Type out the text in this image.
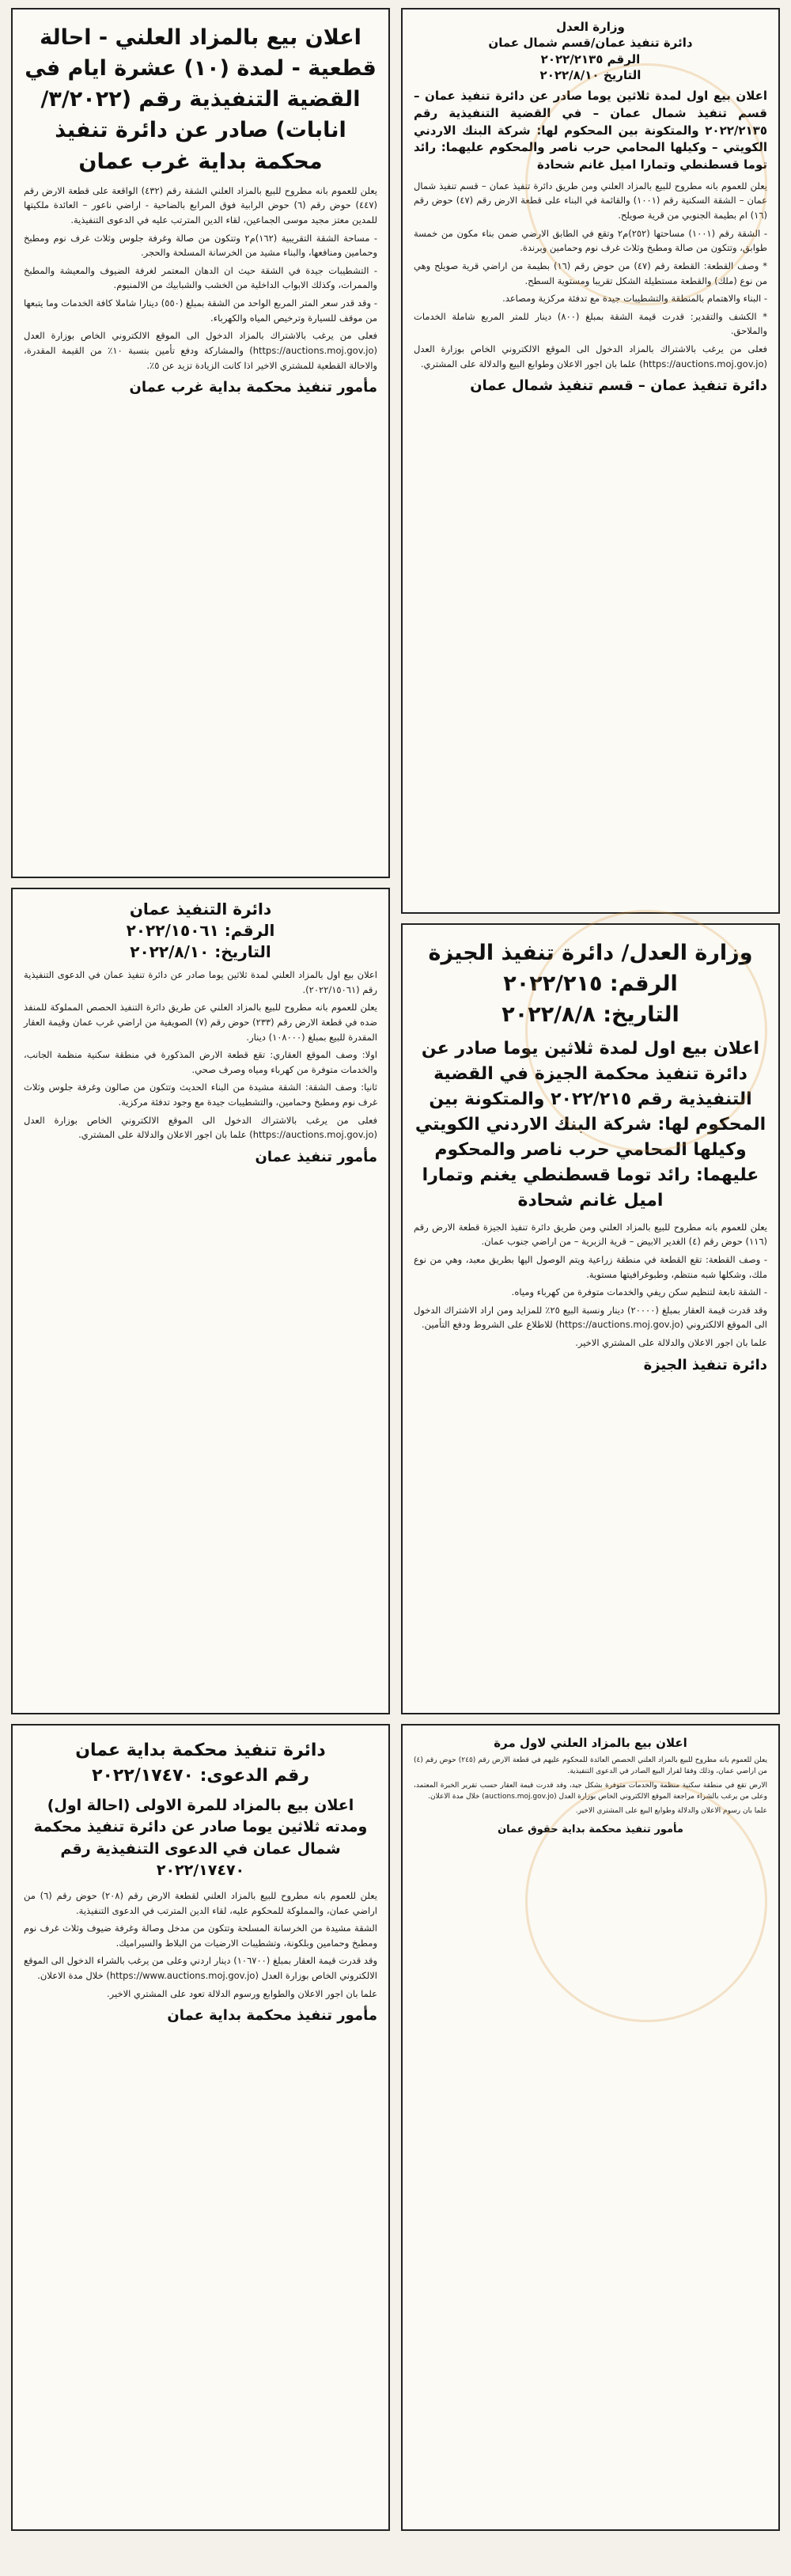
وزارة العدل
دائرة تنفيذ عمان/قسم شمال عمان
الرقم ٢٠٢٢/٢١٣٥
التاريخ ٢٠٢٢/٨/١٠
اعلان بيع اول لمدة ثلاثين يوما صادر عن دائرة تنفيذ عمان – قسم تنفيذ شمال عمان – في القضية التنفيذية رقم ٢٠٢٢/٢١٣٥ والمتكونة بين المحكوم لها: شركة البنك الاردني الكويتي – وكيلها المحامي حرب ناصر والمحكوم عليهما: رائد توما قسطنطي وتمارا اميل غانم شحادة

يعلن للعموم بانه مطروح للبيع بالمزاد العلني ومن طريق دائرة تنفيذ عمان – قسم تنفيذ شمال عمان – الشقة السكنية رقم (١٠٠١) والقائمة في البناء على قطعة الارض رقم (٤٧) حوض رقم (١٦) ام بطيمة الجنوبي من قرية صويلح.

- الشقة رقم (١٠٠١) مساحتها (٢٥٢)م٢ وتقع في الطابق الارضي ضمن بناء مكون من خمسة طوابق، وتتكون من صالة ومطبخ وثلاث غرف نوم وحمامين وبرندة.

* وصف القطعة: القطعة رقم (٤٧) من حوض رقم (١٦) بطيمة من اراضي قرية صويلح وهي من نوع (ملك) والقطعة مستطيلة الشكل تقريبا ومستوية السطح.

- البناء والاهتمام بالمنطقة والتشطيبات جيدة مع تدفئة مركزية ومصاعد.

* الكشف والتقدير: قدرت قيمة الشقة بمبلغ (٨٠٠) دينار للمتر المربع شاملة الخدمات والملاحق.

فعلى من يرغب بالاشتراك بالمزاد الدخول الى الموقع الالكتروني الخاص بوزارة العدل (https://auctions.moj.gov.jo) علما بان اجور الاعلان وطوابع البيع والدلالة على المشتري.

دائرة تنفيذ عمان – قسم تنفيذ شمال عمان
وزارة العدل/ دائرة تنفيذ الجيزة
الرقم: ٢٠٢٢/٢١٥
التاريخ: ٢٠٢٢/٨/٨
اعلان بيع اول لمدة ثلاثين يوما صادر عن دائرة تنفيذ محكمة الجيزة في القضية التنفيذية رقم ٢٠٢٢/٢١٥ والمتكونة بين المحكوم لها: شركة البنك الاردني الكويتي وكيلها المحامي حرب ناصر والمحكوم عليهما: رائد توما قسطنطي يغنم وتمارا اميل غانم شحادة

يعلن للعموم بانه مطروح للبيع بالمزاد العلني ومن طريق دائرة تنفيذ الجيزة قطعة الارض رقم (١١٦) حوض رقم (٤) الغدير الابيض – قرية الزبرية – من اراضي جنوب عمان.

- وصف القطعة: تقع القطعة في منطقة زراعية ويتم الوصول اليها بطريق معبد، وهي من نوع ملك، وشكلها شبه منتظم، وطبوغرافيتها مستوية.

- الشقة تابعة لتنظيم سكن ريفي والخدمات متوفرة من كهرباء ومياه.

وقد قدرت قيمة العقار بمبلغ (٢٠٠٠٠) دينار ونسبة البيع ٢٥٪ للمزايد ومن اراد الاشتراك الدخول الى الموقع الالكتروني (https://auctions.moj.gov.jo) للاطلاع على الشروط ودفع التأمين.

علما بان اجور الاعلان والدلالة على المشتري الاخير.

دائرة تنفيذ الجيزة
اعلان بيع بالمزاد العلني لاول مرة

يعلن للعموم بانه مطروح للبيع بالمزاد العلني الحصص العائدة للمحكوم عليهم في قطعة الارض رقم (٢٤٥) حوض رقم (٤) من اراضي عمان، وذلك وفقا لقرار البيع الصادر في الدعوى التنفيذية.

الارض تقع في منطقة سكنية منظمة والخدمات متوفرة بشكل جيد، وقد قدرت قيمة العقار حسب تقرير الخبرة المعتمد، وعلى من يرغب بالشراء مراجعة الموقع الالكتروني الخاص بوزارة العدل (auctions.moj.gov.jo) خلال مدة الاعلان.

علما بان رسوم الاعلان والدلالة وطوابع البيع على المشتري الاخير.

مأمور تنفيذ محكمة بداية حقوق عمان
اعلان بيع بالمزاد العلني - احالة قطعية - لمدة (١٠) عشرة ايام في القضية التنفيذية رقم (٣/٢٠٢٢/ انابات) صادر عن دائرة تنفيذ محكمة بداية غرب عمان

يعلن للعموم بانه مطروح للبيع بالمزاد العلني الشقة رقم (٤٣٢) الواقعة على قطعة الارض رقم (٤٤٧) حوض رقم (٦) حوض الرابية فوق المرابع بالضاحية - اراضي ناعور – العائدة ملكيتها للمدين معتز مجيد موسى الجماعين، لقاء الدين المترتب عليه في الدعوى التنفيذية.

- مساحة الشقة التقريبية (١٦٢)م٢ وتتكون من صالة وغرفة جلوس وثلاث غرف نوم ومطبخ وحمامين ومنافعها، والبناء مشيد من الخرسانة المسلحة والحجر.

- التشطيبات جيدة في الشقة حيث ان الدهان المعتمر لغرفة الضيوف والمعيشة والمطبخ والممرات، وكذلك الابواب الداخلية من الخشب والشبابيك من الالمنيوم.

- وقد قدر سعر المتر المربع الواحد من الشقة بمبلغ (٥٥٠) دينارا شاملا كافة الخدمات وما يتبعها من موقف للسيارة وترخيص المياه والكهرباء.

فعلى من يرغب بالاشتراك بالمزاد الدخول الى الموقع الالكتروني الخاص بوزارة العدل (https://auctions.moj.gov.jo) والمشاركة ودفع تأمين بنسبة ١٠٪ من القيمة المقدرة، والاحالة القطعية للمشتري الاخير اذا كانت الزيادة تزيد عن ٥٪.

مأمور تنفيذ محكمة بداية غرب عمان
دائرة التنفيذ عمان
الرقم: ٢٠٢٢/١٥٠٦١
التاريخ: ٢٠٢٢/٨/١٠

اعلان بيع اول بالمزاد العلني لمدة ثلاثين يوما صادر عن دائرة تنفيذ عمان في الدعوى التنفيذية رقم (٢٠٢٢/١٥٠٦١).

يعلن للعموم بانه مطروح للبيع بالمزاد العلني عن طريق دائرة التنفيذ الحصص المملوكة للمنفذ ضده في قطعة الارض رقم (٢٣٣) حوض رقم (٧) الصويفية من اراضي غرب عمان وقيمة العقار المقدرة للبيع بمبلغ (١٠٨٠٠٠) دينار.

اولا: وصف الموقع العقاري: تقع قطعة الارض المذكورة في منطقة سكنية منظمة الجانب، والخدمات متوفرة من كهرباء ومياه وصرف صحي.

ثانيا: وصف الشقة: الشقة مشيدة من البناء الحديث وتتكون من صالون وغرفة جلوس وثلاث غرف نوم ومطبخ وحمامين، والتشطيبات جيدة مع وجود تدفئة مركزية.

فعلى من يرغب بالاشتراك الدخول الى الموقع الالكتروني الخاص بوزارة العدل (https://auctions.moj.gov.jo) علما بان اجور الاعلان والدلالة على المشتري.

مأمور تنفيذ عمان
دائرة تنفيذ محكمة بداية عمان
رقم الدعوى: ٢٠٢٢/١٧٤٧٠
اعلان بيع بالمزاد للمرة الاولى (احالة اول) ومدته ثلاثين يوما صادر عن دائرة تنفيذ محكمة شمال عمان في الدعوى التنفيذية رقم ٢٠٢٢/١٧٤٧٠

يعلن للعموم بانه مطروح للبيع بالمزاد العلني لقطعة الارض رقم (٢٠٨) حوض رقم (٦) من اراضي عمان، والمملوكة للمحكوم عليه، لقاء الدين المترتب في الدعوى التنفيذية.

الشقة مشيدة من الخرسانة المسلحة وتتكون من مدخل وصالة وغرفة ضيوف وثلاث غرف نوم ومطبخ وحمامين وبلكونة، وتشطيبات الارضيات من البلاط والسيراميك.

وقد قدرت قيمة العقار بمبلغ (١٠٦٧٠٠) دينار اردني وعلى من يرغب بالشراء الدخول الى الموقع الالكتروني الخاص بوزارة العدل (https://www.auctions.moj.gov.jo) خلال مدة الاعلان.

علما بان اجور الاعلان والطوابع ورسوم الدلالة تعود على المشتري الاخير.

مأمور تنفيذ محكمة بداية عمان
